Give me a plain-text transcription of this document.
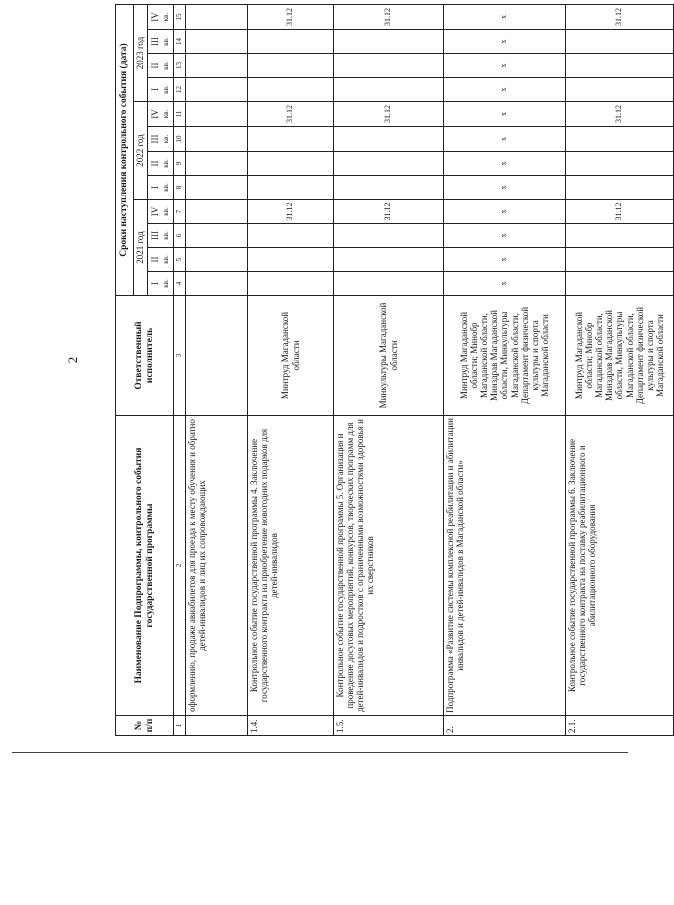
2
№ п/п	Наименование Подпрограммы, контрольного события государственной программы	Ответственный исполнитель	Сроки наступления контрольного события (дата)											
			2021 год				2022 год				2023 год			
			I кв.	II кв.	III кв.	IV кв.	I кв.	II кв.	III кв.	IV кв.	I кв.	II кв.	III кв.	IV кв.
1	2	3	4	5	6	7	8	9	10	11	12	13	14	15
	оформлению, продаже авиабилетов для проезда к месту обучения и обратно детей-инвалидов и лиц их сопровождающих													
1.4.	Контрольное событие государственной программы 4. Заключение государственного контракта на приобретение новогодних подарков для детей-инвалидов	Минтруд Магаданской области				31.12				31.12				31.12
1.5.	Контрольное событие государственной программы 5. Организация и проведение досуговых мероприятий, конкурсов, творческих программ для детей-инвалидов и подростков с ограниченными возможностями здоровья и их сверстников	Минкультуры Магаданской области				31.12				31.12				31.12
2.	Подпрограмма «Развитие системы комплексной реабилитации и абилитации инвалидов и детей-инвалидов в Магаданской области»	Минтруд Магаданской области; Минобр Магаданской области, Минздрав Магаданской области, Минкультуры Магаданской области, Департамент физической культуры и спорта Магаданской области	x	x	x	x	x	x	x	x	x	x	x	x
2.1.	Контрольное событие государственной программы 6. Заключение государственного контракта на поставку реабилитационного и абилитационного оборудования	Минтруд Магаданской области; Минобр Магаданской области, Минздрав Магаданской области, Минкультуры Магаданской области, Департамент физической культуры и спорта Магаданской области				31.12				31.12				31.12
